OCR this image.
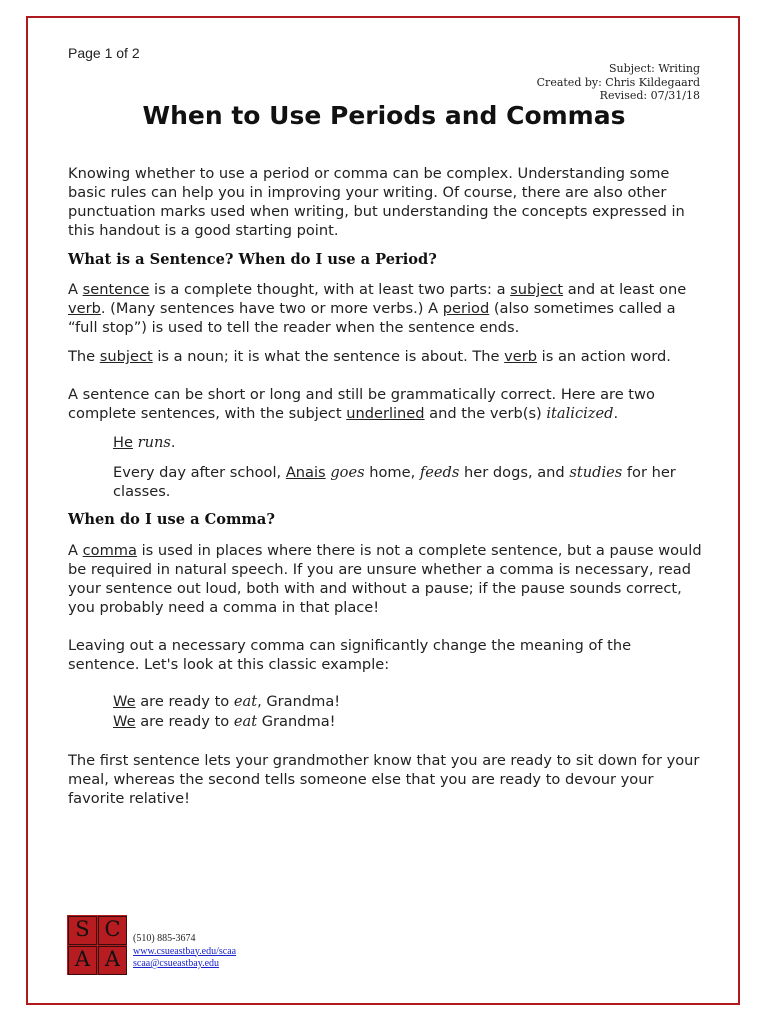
Page 1 of 2
Subject: Writing
Created by: Chris Kildegaard
Revised: 07/31/18
When to Use Periods and Commas
Knowing whether to use a period or comma can be complex. Understanding some basic rules can help you in improving your writing. Of course, there are also other punctuation marks used when writing, but understanding the concepts expressed in this handout is a good starting point.
What is a Sentence? When do I use a Period?
A sentence is a complete thought, with at least two parts: a subject and at least one verb. (Many sentences have two or more verbs.) A period (also sometimes called a “full stop”) is used to tell the reader when the sentence ends.
The subject is a noun; it is what the sentence is about. The verb is an action word.
A sentence can be short or long and still be grammatically correct. Here are two complete sentences, with the subject underlined and the verb(s) italicized.
He runs.
Every day after school, Anais goes home, feeds her dogs, and studies for her classes.
When do I use a Comma?
A comma is used in places where there is not a complete sentence, but a pause would be required in natural speech. If you are unsure whether a comma is necessary, read your sentence out loud, both with and without a pause; if the pause sounds correct, you probably need a comma in that place!
Leaving out a necessary comma can significantly change the meaning of the sentence. Let's look at this classic example:
We are ready to eat, Grandma!
We are ready to eat Grandma!
The first sentence lets your grandmother know that you are ready to sit down for your meal, whereas the second tells someone else that you are ready to devour your favorite relative!
S C
A A
(510) 885-3674
www.csueastbay.edu/scaa
scaa@csueastbay.edu
